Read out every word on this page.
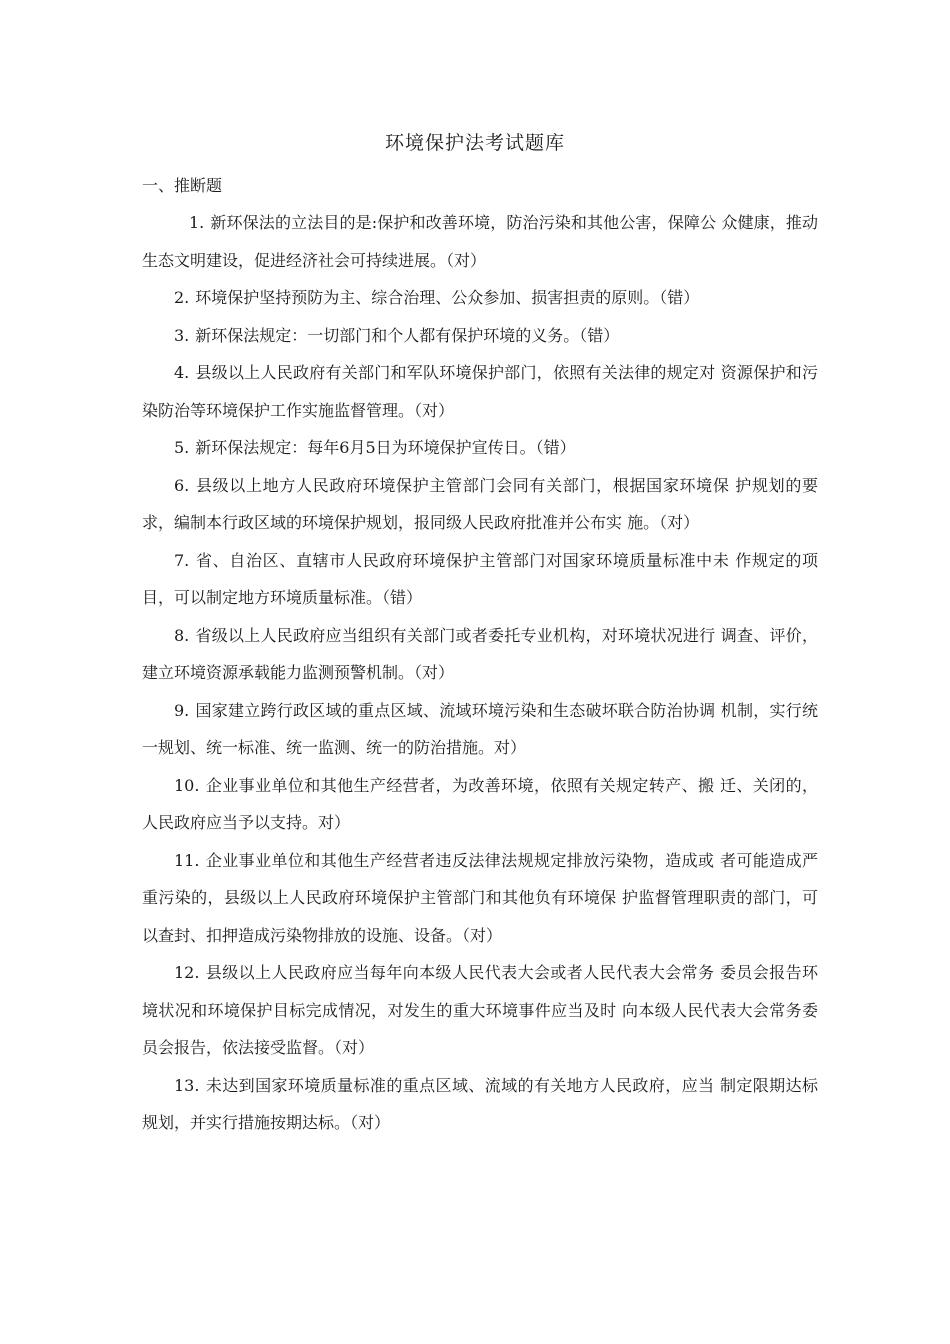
环境保护法考试题库
一、推断题

1. 新环保法的立法目的是:保护和改善环境，防治污染和其他公害，保障公 众健康，推动生态文明建设，促进经济社会可持续进展。（对）

2. 环境保护坚持预防为主、综合治理、公众参加、损害担责的原则。（错）

3. 新环保法规定：一切部门和个人都有保护环境的义务。（错）

4. 县级以上人民政府有关部门和军队环境保护部门，依照有关法律的规定对 资源保护和污染防治等环境保护工作实施监督管理。（对）

5. 新环保法规定：每年6月5日为环境保护宣传日。（错）

6. 县级以上地方人民政府环境保护主管部门会同有关部门，根据国家环境保 护规划的要求，编制本行政区域的环境保护规划，报同级人民政府批准并公布实 施。（对）

7. 省、自治区、直辖市人民政府环境保护主管部门对国家环境质量标准中未 作规定的项目，可以制定地方环境质量标准。（错）

8. 省级以上人民政府应当组织有关部门或者委托专业机构，对环境状况进行 调查、评价，建立环境资源承载能力监测预警机制。（对）

9. 国家建立跨行政区域的重点区域、流域环境污染和生态破坏联合防治协调 机制，实行统一规划、统一标准、统一监测、统一的防治措施。对）

10. 企业事业单位和其他生产经营者，为改善环境，依照有关规定转产、搬 迁、关闭的，人民政府应当予以支持。对）

11. 企业事业单位和其他生产经营者违反法律法规规定排放污染物，造成或 者可能造成严重污染的，县级以上人民政府环境保护主管部门和其他负有环境保 护监督管理职责的部门，可以查封、扣押造成污染物排放的设施、设备。（对）

12. 县级以上人民政府应当每年向本级人民代表大会或者人民代表大会常务 委员会报告环境状况和环境保护目标完成情况，对发生的重大环境事件应当及时 向本级人民代表大会常务委员会报告，依法接受监督。（对）

13. 未达到国家环境质量标准的重点区域、流域的有关地方人民政府，应当 制定限期达标规划，并实行措施按期达标。（对）
